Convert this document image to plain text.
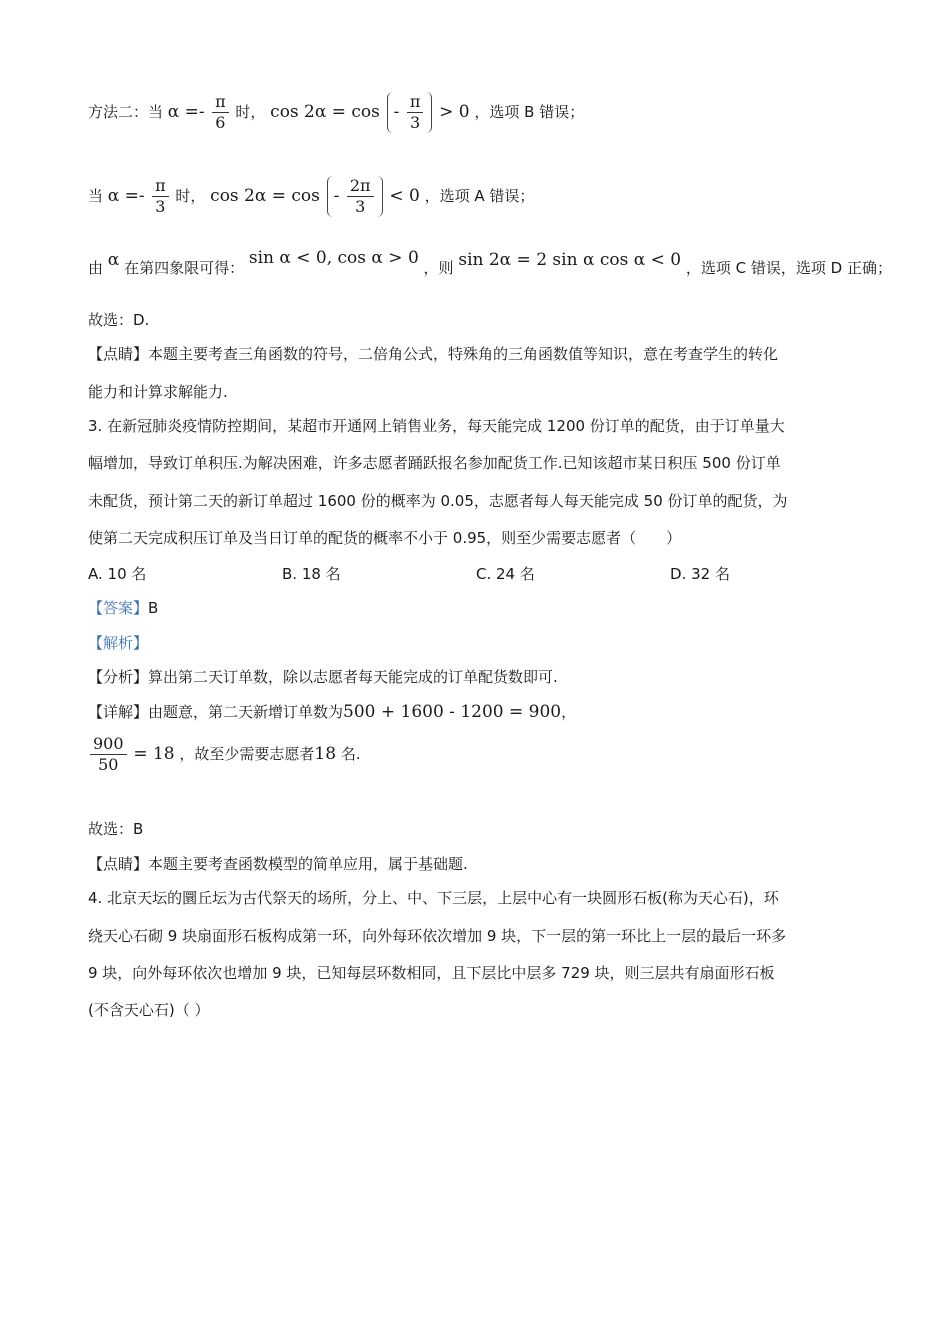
方法二：当 $\alpha =- \frac{\pi}{6}$ 时， $\cos 2\alpha = \cos - \frac{\pi}{3} > 0$ ，选项 B 错误；
当 $\alpha =- \frac{\pi}{3}$ 时， $\cos 2\alpha = \cos - \frac{2\pi}{3} < 0$ ，选项 A 错误；
由 α 在第四象限可得： sin α < 0, cos α > 0 ，则 sin 2α = 2 sin α cos α < 0 ，选项 C 错误，选项 D 正确；
故选：D.
【点睛】本题主要考查三角函数的符号，二倍角公式，特殊角的三角函数值等知识，意在考查学生的转化
能力和计算求解能力.
3. 在新冠肺炎疫情防控期间，某超市开通网上销售业务，每天能完成 1200 份订单的配货，由于订单量大
幅增加，导致订单积压.为解决困难，许多志愿者踊跃报名参加配货工作.已知该超市某日积压 500 份订单
未配货，预计第二天的新订单超过 1600 份的概率为 0.05，志愿者每人每天能完成 50 份订单的配货，为
使第二天完成积压订单及当日订单的配货的概率不小于 0.95，则至少需要志愿者（　　）
A. 10 名	B. 18 名	C. 24 名	D. 32 名
【答案】B
【解析】
【分析】算出第二天订单数，除以志愿者每天能完成的订单配货数即可.
【详解】由题意，第二天新增订单数为500 + 1600 - 1200 = 900，
$\frac{900}{50} = 18$ ，故至少需要志愿者18 名.
故选：B
【点睛】本题主要考查函数模型的简单应用，属于基础题.
4. 北京天坛的圜丘坛为古代祭天的场所，分上、中、下三层，上层中心有一块圆形石板(称为天心石)，环
绕天心石砌 9 块扇面形石板构成第一环，向外每环依次增加 9 块，下一层的第一环比上一层的最后一环多
9 块，向外每环依次也增加 9 块，已知每层环数相同，且下层比中层多 729 块，则三层共有扇面形石板
(不含天心石)（ ）
